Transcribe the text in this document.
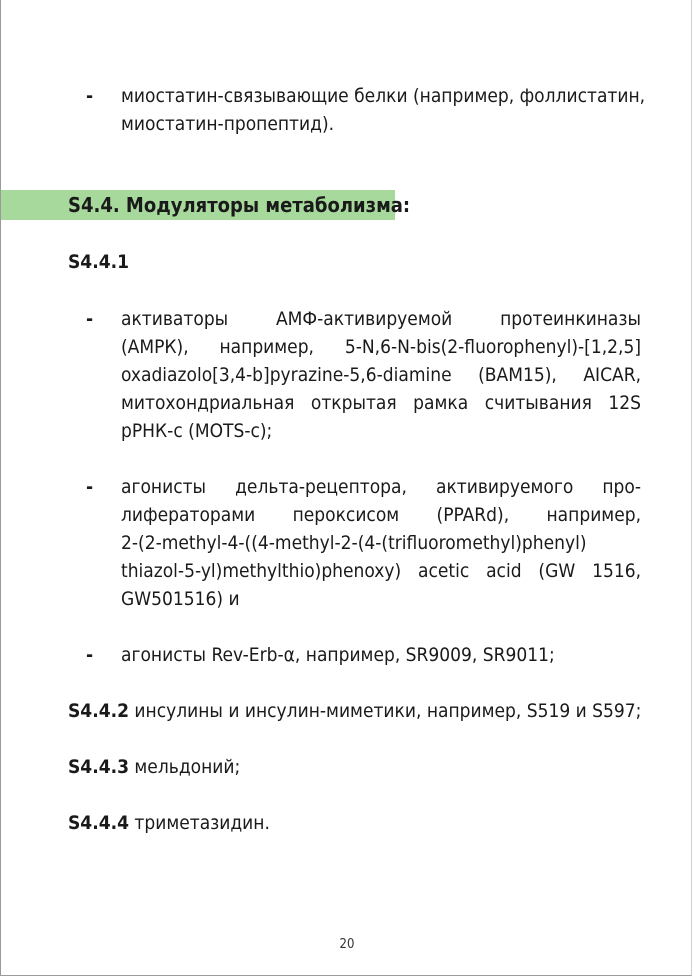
- миостатин-связывающие белки (например, фоллистатин,
миостатин-пропептид).
S4.4. Модуляторы метаболизма:
S4.4.1
- активаторы АМФ-активируемой протеинкиназы
(АМРК), например, 5-N,6-N-bis(2-fluorophenyl)-[1,2,5]
oxadiazolo[3,4-b]pyrazine-5,6-diamine (BAM15), AICAR,
митохондриальная открытая рамка считывания 12S
рРНК-с (MOTS-c);
- агонисты дельта-рецептора, активируемого про-
лифераторами пероксисом (PPARd), например,
2-(2-methyl-4-((4-methyl-2-(4-(trifluoromethyl)phenyl)
thiazol-5-yl)methylthio)phenoxy) acetic acid (GW 1516,
GW501516) и
- агонисты Rev-Erb-α, например, SR9009, SR9011;
S4.4.2 инсулины и инсулин-миметики, например, S519 и S597;
S4.4.3 мельдоний;
S4.4.4 триметазидин.
20
